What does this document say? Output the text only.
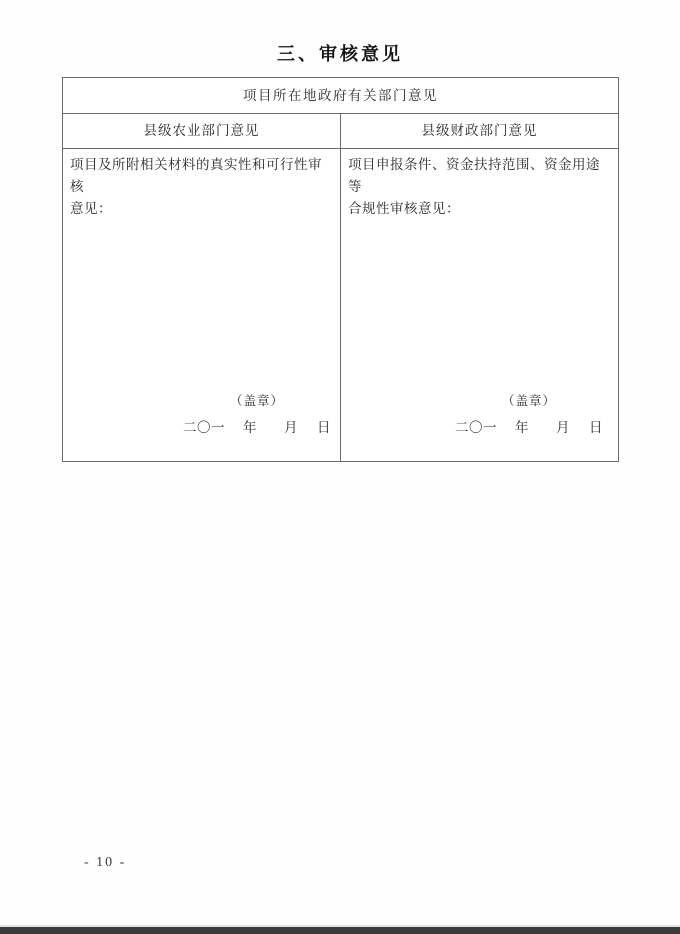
三、审核意见
项目所在地政府有关部门意见
县级农业部门意见	县级财政部门意见
项目及所附相关材料的真实性和可行性审核
意见：
（盖章）
二〇一 年 月 日
项目申报条件、资金扶持范围、资金用途等
合规性审核意见：
（盖章）
二〇一 年 月 日
- 10 -
